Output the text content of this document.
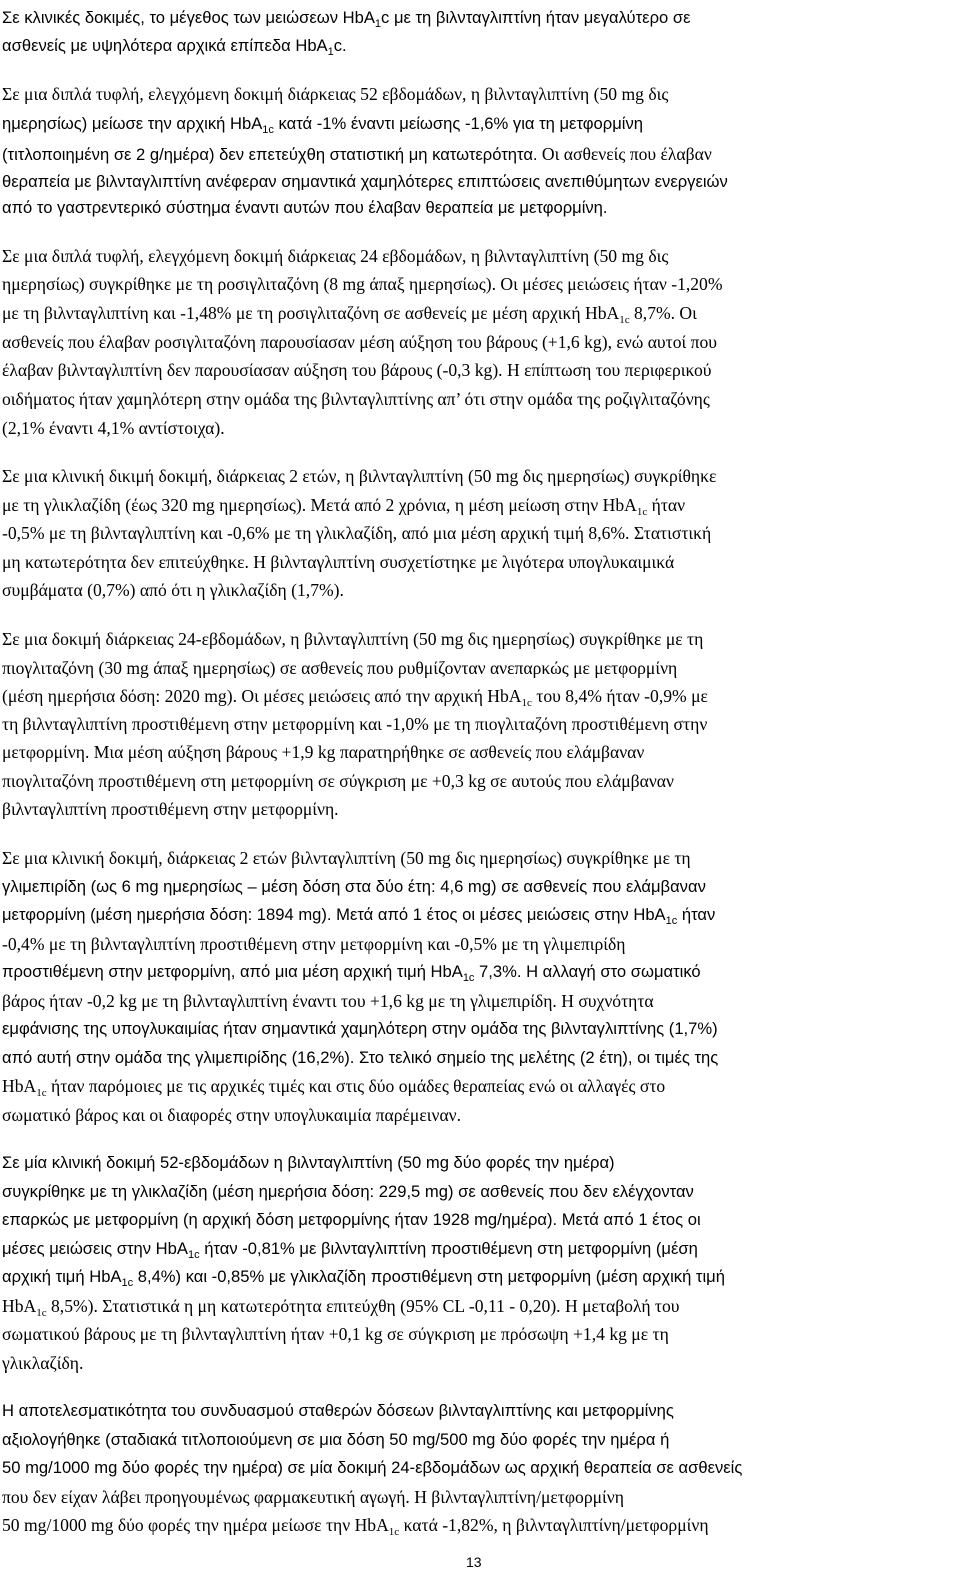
Σε κλινικές δοκιμές, το μέγεθος των μειώσεων HbA$_1$c με τη βιλνταγλιπτίνη ήταν μεγαλύτερο σε
ασθενείς με υψηλότερα αρχικά επίπεδα HbA$_1$c.
Σε μια διπλά τυφλή, ελεγχόμενη δοκιμή διάρκειας 52 εβδομάδων, η βιλνταγλιπτίνη (50 mg δις
ημερησίως) μείωσε την αρχική HbA$_{1c}$ κατά -1% έναντι μείωσης -1,6% για τη μετφορμίνη
(τιτλοποιημένη σε 2 g/ημέρα) δεν επετεύχθη στατιστική μη κατωτερότητα. Οι ασθενείς που έλαβαν
θεραπεία με βιλνταγλιπτίνη ανέφεραν σημαντικά χαμηλότερες επιπτώσεις ανεπιθύμητων ενεργειών
από το γαστρεντερικό σύστημα έναντι αυτών που έλαβαν θεραπεία με μετφορμίνη.
Σε μια διπλά τυφλή, ελεγχόμενη δοκιμή διάρκειας 24 εβδομάδων, η βιλνταγλιπτίνη (50 mg δις
ημερησίως) συγκρίθηκε με τη ροσιγλιταζόνη (8 mg άπαξ ημερησίως). Οι μέσες μειώσεις ήταν -1,20%
με τη βιλνταγλιπτίνη και -1,48% με τη ροσιγλιταζόνη σε ασθενείς με μέση αρχική HbA$_{1c}$ 8,7%. Οι
ασθενείς που έλαβαν ροσιγλιταζόνη παρουσίασαν μέση αύξηση του βάρους (+1,6 kg), ενώ αυτοί που
έλαβαν βιλνταγλιπτίνη δεν παρουσίασαν αύξηση του βάρους (-0,3 kg). Η επίπτωση του περιφερικού
οιδήματος ήταν χαμηλότερη στην ομάδα της βιλνταγλιπτίνης απ’ ότι στην ομάδα της ροζιγλιταζόνης
(2,1% έναντι 4,1% αντίστοιχα).
Σε μια κλινική δικιμή δοκιμή, διάρκειας 2 ετών, η βιλνταγλιπτίνη (50 mg δις ημερησίως) συγκρίθηκε
με τη γλικλαζίδη (έως 320 mg ημερησίως). Μετά από 2 χρόνια, η μέση μείωση στην HbA$_{1c}$ ήταν
-0,5% με τη βιλνταγλιπτίνη και -0,6% με τη γλικλαζίδη, από μια μέση αρχική τιμή 8,6%. Στατιστική
μη κατωτερότητα δεν επιτεύχθηκε. Η βιλνταγλιπτίνη συσχετίστηκε με λιγότερα υπογλυκαιμικά
συμβάματα (0,7%) από ότι η γλικλαζίδη (1,7%).
Σε μια δοκιμή διάρκειας 24-εβδομάδων, η βιλνταγλιπτίνη (50 mg δις ημερησίως) συγκρίθηκε με τη
πιογλιταζόνη (30 mg άπαξ ημερησίως) σε ασθενείς που ρυθμίζονταν ανεπαρκώς με μετφορμίνη
(μέση ημερήσια δόση: 2020 mg). Οι μέσες μειώσεις από την αρχική HbA$_{1c}$ του 8,4% ήταν -0,9% με
τη βιλνταγλιπτίνη προστιθέμενη στην μετφορμίνη και -1,0% με τη πιογλιταζόνη προστιθέμενη στην
μετφορμίνη. Μια μέση αύξηση βάρους +1,9 kg παρατηρήθηκε σε ασθενείς που ελάμβαναν
πιογλιταζόνη προστιθέμενη στη μετφορμίνη σε σύγκριση με +0,3 kg σε αυτούς που ελάμβαναν
βιλνταγλιπτίνη προστιθέμενη στην μετφορμίνη.
Σε μια κλινική δοκιμή, διάρκειας 2 ετών βιλνταγλιπτίνη (50 mg δις ημερησίως) συγκρίθηκε με τη
γλιμεπιρίδη (ως 6 mg ημερησίως – μέση δόση στα δύο έτη: 4,6 mg) σε ασθενείς που ελάμβαναν
μετφορμίνη (μέση ημερήσια δόση: 1894 mg). Μετά από 1 έτος οι μέσες μειώσεις στην HbA$_{1c}$ ήταν
-0,4% με τη βιλνταγλιπτίνη προστιθέμενη στην μετφορμίνη και -0,5% με τη γλιμεπιρίδη
προστιθέμενη στην μετφορμίνη, από μια μέση αρχική τιμή HbA$_{1c}$ 7,3%. Η αλλαγή στο σωματικό
βάρος ήταν -0,2 kg με τη βιλνταγλιπτίνη έναντι του +1,6 kg με τη γλιμεπιρίδη. Η συχνότητα
εμφάνισης της υπογλυκαιμίας ήταν σημαντικά χαμηλότερη στην ομάδα της βιλνταγλιπτίνης (1,7%)
από αυτή στην ομάδα της γλιμεπιρίδης (16,2%). Στο τελικό σημείο της μελέτης (2 έτη), οι τιμές της
HbA$_{1c}$ ήταν παρόμοιες με τις αρχικές τιμές και στις δύο ομάδες θεραπείας ενώ οι αλλαγές στο
σωματικό βάρος και οι διαφορές στην υπογλυκαιμία παρέμειναν.
Σε μία κλινική δοκιμή 52-εβδομάδων η βιλνταγλιπτίνη (50 mg δύο φορές την ημέρα)
συγκρίθηκε με τη γλικλαζίδη (μέση ημερήσια δόση: 229,5 mg) σε ασθενείς που δεν ελέγχονταν
επαρκώς με μετφορμίνη (η αρχική δόση μετφορμίνης ήταν 1928 mg/ημέρα). Μετά από 1 έτος οι
μέσες μειώσεις στην HbA$_{1c}$ ήταν -0,81% με βιλνταγλιπτίνη προστιθέμενη στη μετφορμίνη (μέση
αρχική τιμή HbA$_{1c}$ 8,4%) και -0,85% με γλικλαζίδη προστιθέμενη στη μετφορμίνη (μέση αρχική τιμή
HbA$_{1c}$ 8,5%). Στατιστικά η μη κατωτερότητα επιτεύχθη (95% CL -0,11 - 0,20). Η μεταβολή του
σωματικού βάρους με τη βιλνταγλιπτίνη ήταν +0,1 kg σε σύγκριση με πρόσωψη +1,4 kg με τη
γλικλαζίδη.
Η αποτελεσματικότητα του συνδυασμού σταθερών δόσεων βιλνταγλιπτίνης και μετφορμίνης
αξιολογήθηκε (σταδιακά τιτλοποιούμενη σε μια δόση 50 mg/500 mg δύο φορές την ημέρα ή
50 mg/1000 mg δύο φορές την ημέρα) σε μία δοκιμή 24-εβδομάδων ως αρχική θεραπεία σε ασθενείς
που δεν είχαν λάβει προηγουμένως φαρμακευτική αγωγή. Η βιλνταγλιπτίνη/μετφορμίνη
50 mg/1000 mg δύο φορές την ημέρα μείωσε την HbA$_{1c}$ κατά -1,82%, η βιλνταγλιπτίνη/μετφορμίνη
13
